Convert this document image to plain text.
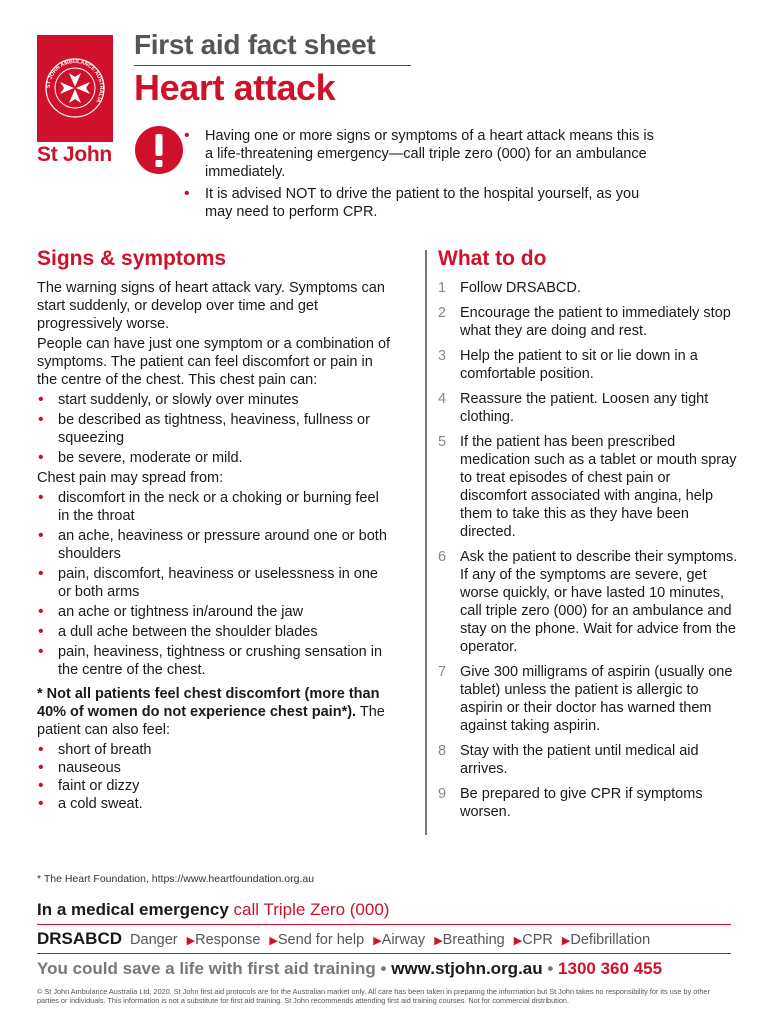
ST JOHN AMBULANCE AUSTRALIA
St John
First aid fact sheet
Heart attack
• Having one or more signs or symptoms of a heart attack means this is a life-threatening emergency—call triple zero (000) for an ambulance immediately.
• It is advised NOT to drive the patient to the hospital yourself, as you may need to perform CPR.
Signs & symptoms

The warning signs of heart attack vary. Symptoms can start suddenly, or develop over time and get progressively worse.

People can have just one symptom or a combination of symptoms. The patient can feel discomfort or pain in the centre of the chest. This chest pain can:

• start suddenly, or slowly over minutes
• be described as tightness, heaviness, fullness or squeezing
• be severe, moderate or mild.

Chest pain may spread from:

• discomfort in the neck or a choking or burning feel in the throat
• an ache, heaviness or pressure around one or both shoulders
• pain, discomfort, heaviness or uselessness in one or both arms
• an ache or tightness in/around the jaw
• a dull ache between the shoulder blades
• pain, heaviness, tightness or crushing sensation in the centre of the chest.

* Not all patients feel chest discomfort (more than 40% of women do not experience chest pain*). The patient can also feel:

• short of breath
• nauseous
• faint or dizzy
• a cold sweat.
What to do
1 Follow DRSABCD.
2 Encourage the patient to immediately stop what they are doing and rest.
3 Help the patient to sit or lie down in a comfortable position.
4 Reassure the patient. Loosen any tight clothing.
5 If the patient has been prescribed medication such as a tablet or mouth spray to treat episodes of chest pain or discomfort associated with angina, help them to take this as they have been directed.
6 Ask the patient to describe their symptoms. If any of the symptoms are severe, get worse quickly, or have lasted 10 minutes, call triple zero (000) for an ambulance and stay on the phone. Wait for advice from the operator.
7 Give 300 milligrams of aspirin (usually one tablet) unless the patient is allergic to aspirin or their doctor has warned them against taking aspirin.
8 Stay with the patient until medical aid arrives.
9 Be prepared to give CPR if symptoms worsen.
* The Heart Foundation, https://www.heartfoundation.org.au
In a medical emergency call Triple Zero (000)
DRSABCD Danger ▶Response ▶Send for help ▶Airway ▶Breathing ▶CPR ▶Defibrillation
You could save a life with first aid training • www.stjohn.org.au • 1300 360 455
© St John Ambulance Australia Ltd, 2020. St John first aid protocols are for the Australian market only. All care has been taken in preparing the information but St John takes no responsibility for its use by other parties or individuals. This information is not a substitute for first aid training. St John recommends attending first aid training courses. Not for commercial distribution.
